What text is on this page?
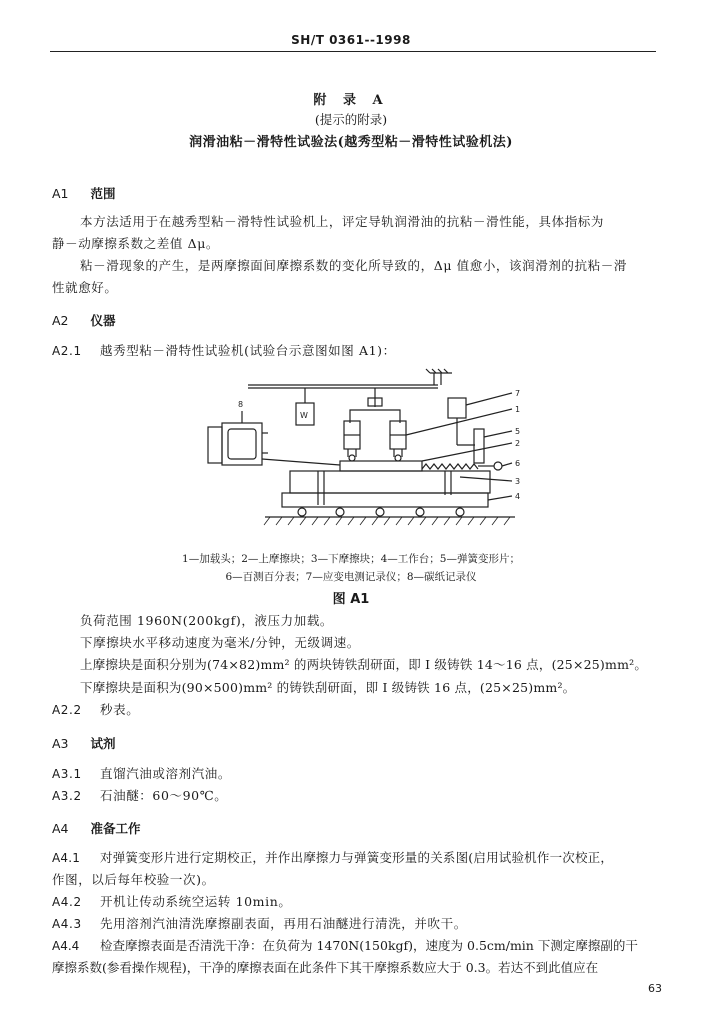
SH/T 0361--1998
附 录 A
(提示的附录)
润滑油粘－滑特性试验法(越秀型粘－滑特性试验机法)
A1 范围
本方法适用于在越秀型粘－滑特性试验机上，评定导轨润滑油的抗粘－滑性能，具体指标为
静－动摩擦系数之差值 Δμ。
粘－滑现象的产生，是两摩擦面间摩擦系数的变化所导致的，Δμ 值愈小，该润滑剂的抗粘－滑
性就愈好。
A2 仪器
A2.1 越秀型粘－滑特性试验机(试验台示意图如图 A1)：
8
W
7
1
5
2
6
3
4
1—加载头；2—上摩擦块；3—下摩擦块；4—工作台；5—弹簧变形片；
6—百测百分表；7—应变电测记录仪；8—碳纸记录仪
图 A1
负荷范围 1960N(200kgf)，液压力加载。
下摩擦块水平移动速度为毫米/分钟，无级调速。
上摩擦块是面积分别为(74×82)mm² 的两块铸铁刮研面，即 I 级铸铁 14～16 点，(25×25)mm²。
下摩擦块是面积为(90×500)mm² 的铸铁刮研面，即 I 级铸铁 16 点，(25×25)mm²。
A2.2 秒表。
A3 试剂
A3.1 直馏汽油或溶剂汽油。
A3.2 石油醚：60～90℃。
A4 准备工作
A4.1 对弹簧变形片进行定期校正，并作出摩擦力与弹簧变形量的关系图(启用试验机作一次校正，
作图，以后每年校验一次)。
A4.2 开机让传动系统空运转 10min。
A4.3 先用溶剂汽油清洗摩擦副表面，再用石油醚进行清洗，并吹干。
A4.4 检查摩擦表面是否清洗干净：在负荷为 1470N(150kgf)，速度为 0.5cm/min 下测定摩擦副的干
摩擦系数(参看操作规程)，干净的摩擦表面在此条件下其干摩擦系数应大于 0.3。若达不到此值应在
63
